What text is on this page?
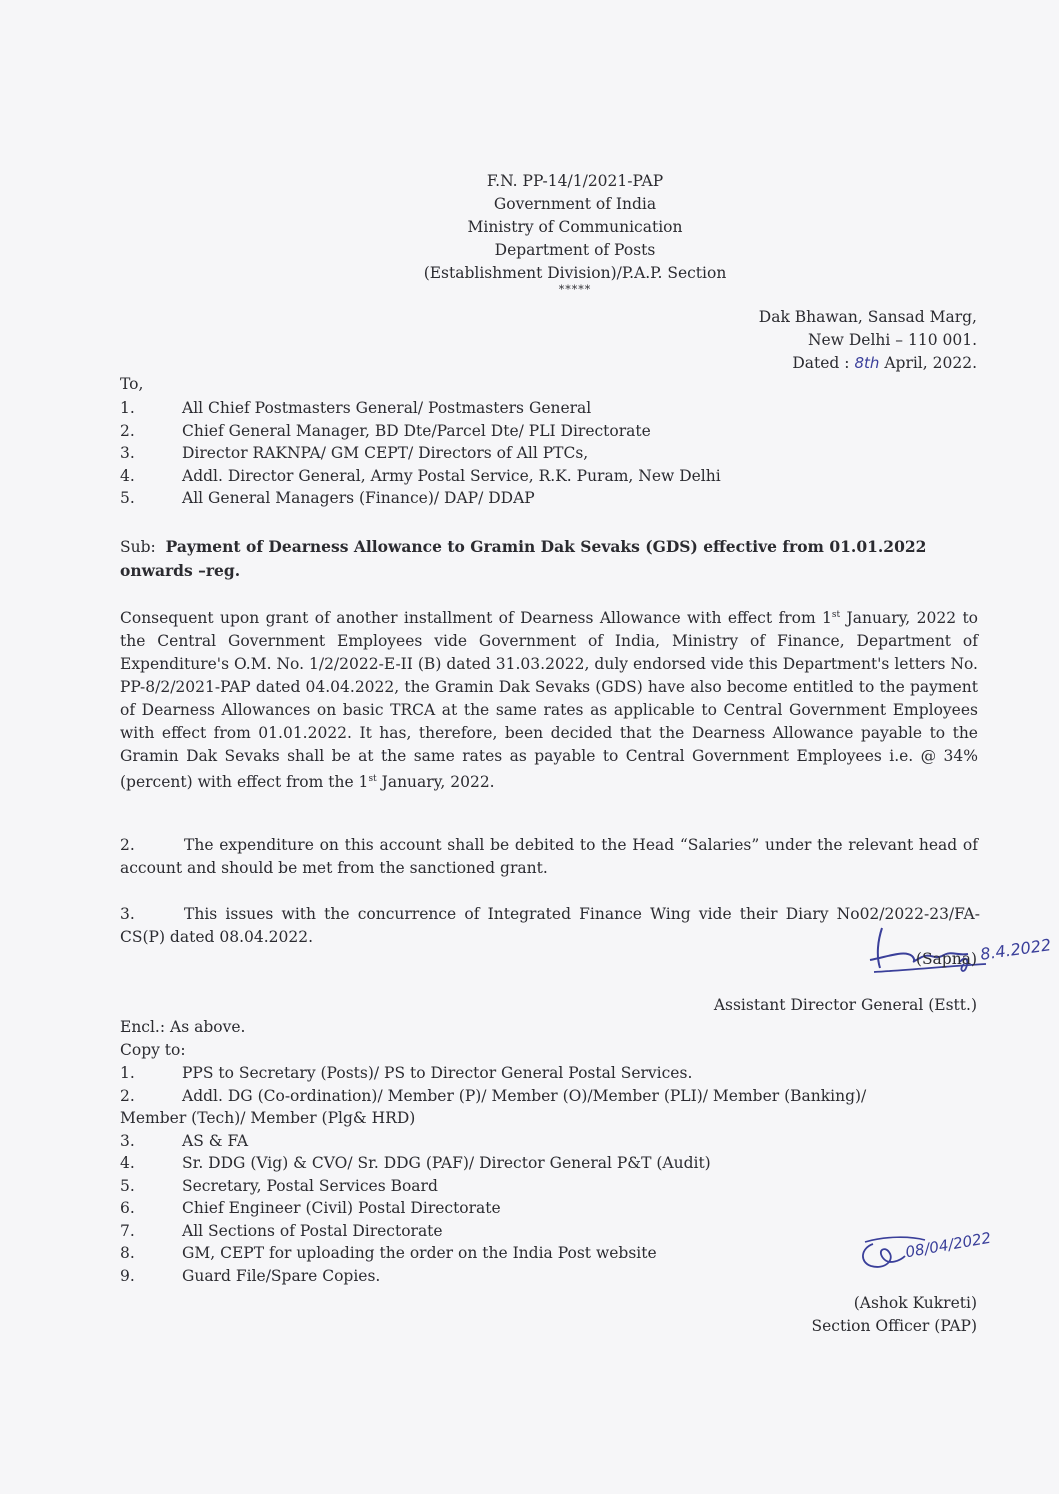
F.N. PP-14/1/2021-PAP
Government of India
Ministry of Communication
Department of Posts
(Establishment Division)/P.A.P. Section
*****
Dak Bhawan, Sansad Marg,
New Delhi – 110 001.
Dated : 8th April, 2022.
To,
1.	All Chief Postmasters General/ Postmasters General
2.	Chief General Manager, BD Dte/Parcel Dte/ PLI Directorate
3.	Director RAKNPA/ GM CEPT/ Directors of All PTCs,
4.	Addl. Director General, Army Postal Service, R.K. Puram, New Delhi
5.	All General Managers (Finance)/ DAP/ DDAP
Sub: Payment of Dearness Allowance to Gramin Dak Sevaks (GDS) effective from 01.01.2022 onwards –reg.

Consequent upon grant of another installment of Dearness Allowance with effect from 1st January, 2022 to the Central Government Employees vide Government of India, Ministry of Finance, Department of Expenditure's O.M. No. 1/2/2022-E-II (B) dated 31.03.2022, duly endorsed vide this Department's letters No. PP-8/2/2021-PAP dated 04.04.2022, the Gramin Dak Sevaks (GDS) have also become entitled to the payment of Dearness Allowances on basic TRCA at the same rates as applicable to Central Government Employees with effect from 01.01.2022. It has, therefore, been decided that the Dearness Allowance payable to the Gramin Dak Sevaks shall be at the same rates as payable to Central Government Employees i.e. @ 34% (percent) with effect from the 1st January, 2022.

2.	The expenditure on this account shall be debited to the Head “Salaries” under the relevant head of account and should be met from the sanctioned grant.

3.	This issues with the concurrence of Integrated Finance Wing vide their Diary No02/2022-23/FA-CS(P) dated 08.04.2022.	8.4.2022
(Sapna)
Assistant Director General (Estt.)
Encl.: As above.
Copy to:
1.	PPS to Secretary (Posts)/ PS to Director General Postal Services.
2.	Addl. DG (Co-ordination)/ Member (P)/ Member (O)/Member (PLI)/ Member (Banking)/
Member (Tech)/ Member (Plg& HRD)
3.	AS & FA
4.	Sr. DDG (Vig) & CVO/ Sr. DDG (PAF)/ Director General P&T (Audit)
5.	Secretary, Postal Services Board
6.	Chief Engineer (Civil) Postal Directorate
7.	All Sections of Postal Directorate
8.	GM, CEPT for uploading the order on the India Post website
9.	Guard File/Spare Copies.
08/04/2022
(Ashok Kukreti)
Section Officer (PAP)
